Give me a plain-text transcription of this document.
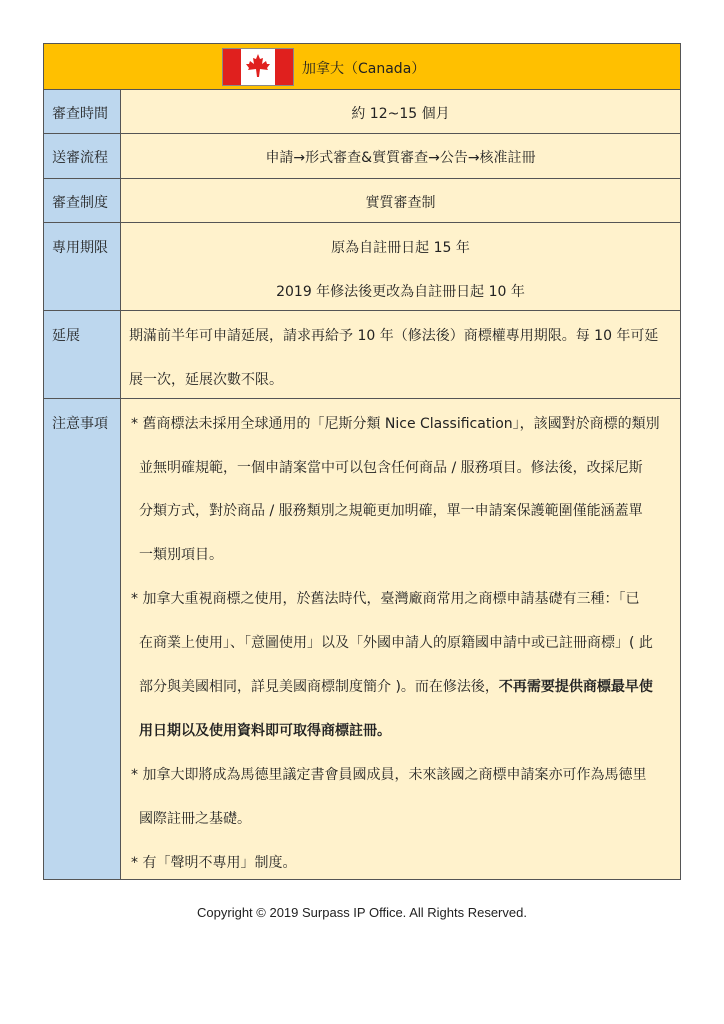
加拿大（Canada）
審查時間	約 12~15 個月
送審流程	申請→形式審查&實質審查→公告→核准註冊
審查制度	實質審查制
專用期限	原為自註冊日起 15 年
2019 年修法後更改為自註冊日起 10 年
延展	期滿前半年可申請延展，請求再給予 10 年（修法後）商標權專用期限。每 10 年可延
展一次，延展次數不限。
注意事項 * 舊商標法未採用全球通用的「尼斯分類 Nice Classification」，該國對於商標的類別
並無明確規範，一個申請案當中可以包含任何商品 / 服務項目。修法後，改採尼斯
分類方式，對於商品 / 服務類別之規範更加明確，單一申請案保護範圍僅能涵蓋單
一類別項目。
* 加拿大重視商標之使用，於舊法時代，臺灣廠商常用之商標申請基礎有三種：「已
在商業上使用」、「意圖使用」以及「外國申請人的原籍國申請中或已註冊商標」( 此
部分與美國相同，詳見美國商標制度簡介 )。而在修法後，不再需要提供商標最早使
用日期以及使用資料即可取得商標註冊。
* 加拿大即將成為馬德里議定書會員國成員，未來該國之商標申請案亦可作為馬德里
國際註冊之基礎。
* 有「聲明不專用」制度。
Copyright © 2019 Surpass IP Office. All Rights Reserved.
